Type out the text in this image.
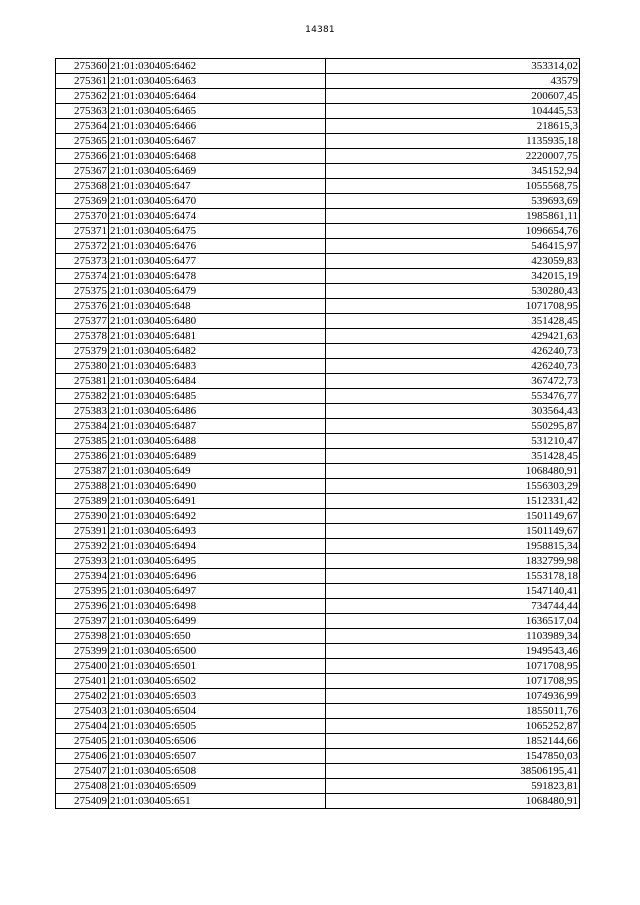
14381
275360	21:01:030405:6462	353314,02
275361	21:01:030405:6463	43579
275362	21:01:030405:6464	200607,45
275363	21:01:030405:6465	104445,53
275364	21:01:030405:6466	218615,3
275365	21:01:030405:6467	1135935,18
275366	21:01:030405:6468	2220007,75
275367	21:01:030405:6469	345152,94
275368	21:01:030405:647	1055568,75
275369	21:01:030405:6470	539693,69
275370	21:01:030405:6474	1985861,11
275371	21:01:030405:6475	1096654,76
275372	21:01:030405:6476	546415,97
275373	21:01:030405:6477	423059,83
275374	21:01:030405:6478	342015,19
275375	21:01:030405:6479	530280,43
275376	21:01:030405:648	1071708,95
275377	21:01:030405:6480	351428,45
275378	21:01:030405:6481	429421,63
275379	21:01:030405:6482	426240,73
275380	21:01:030405:6483	426240,73
275381	21:01:030405:6484	367472,73
275382	21:01:030405:6485	553476,77
275383	21:01:030405:6486	303564,43
275384	21:01:030405:6487	550295,87
275385	21:01:030405:6488	531210,47
275386	21:01:030405:6489	351428,45
275387	21:01:030405:649	1068480,91
275388	21:01:030405:6490	1556303,29
275389	21:01:030405:6491	1512331,42
275390	21:01:030405:6492	1501149,67
275391	21:01:030405:6493	1501149,67
275392	21:01:030405:6494	1958815,34
275393	21:01:030405:6495	1832799,98
275394	21:01:030405:6496	1553178,18
275395	21:01:030405:6497	1547140,41
275396	21:01:030405:6498	734744,44
275397	21:01:030405:6499	1636517,04
275398	21:01:030405:650	1103989,34
275399	21:01:030405:6500	1949543,46
275400	21:01:030405:6501	1071708,95
275401	21:01:030405:6502	1071708,95
275402	21:01:030405:6503	1074936,99
275403	21:01:030405:6504	1855011,76
275404	21:01:030405:6505	1065252,87
275405	21:01:030405:6506	1852144,66
275406	21:01:030405:6507	1547850,03
275407	21:01:030405:6508	38506195,41
275408	21:01:030405:6509	591823,81
275409	21:01:030405:651	1068480,91
